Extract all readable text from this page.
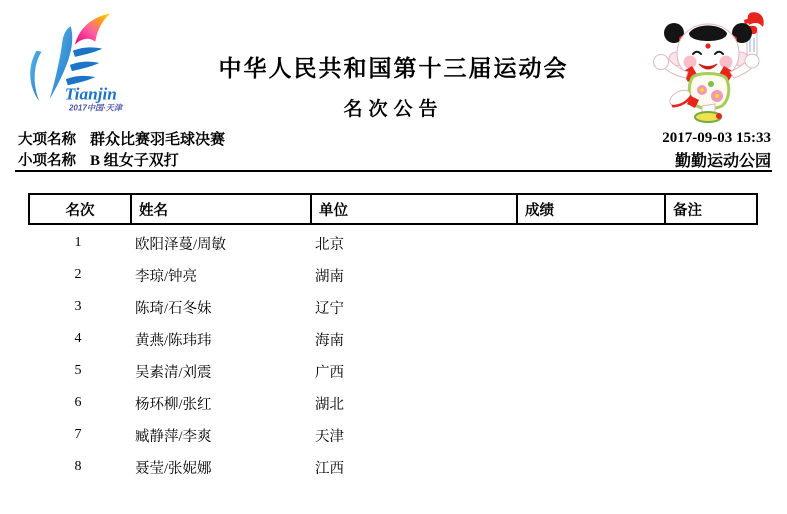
Tianjin
2017中国·天津
中华人民共和国第十三届运动会
名次公告
大项名称 群众比赛羽毛球决赛	2017-09-03 15:33
小项名称 B 组女子双打	勤勤运动公园
名次	姓名	单位	成绩	备注
1	欧阳泽蔓/周敏	北京
2	李琼/钟亮	湖南
3	陈琦/石冬妹	辽宁
4	黄燕/陈玮玮	海南
5	吴素清/刘震	广西
6	杨环柳/张红	湖北
7	臧静萍/李爽	天津
8	聂莹/张妮娜	江西
